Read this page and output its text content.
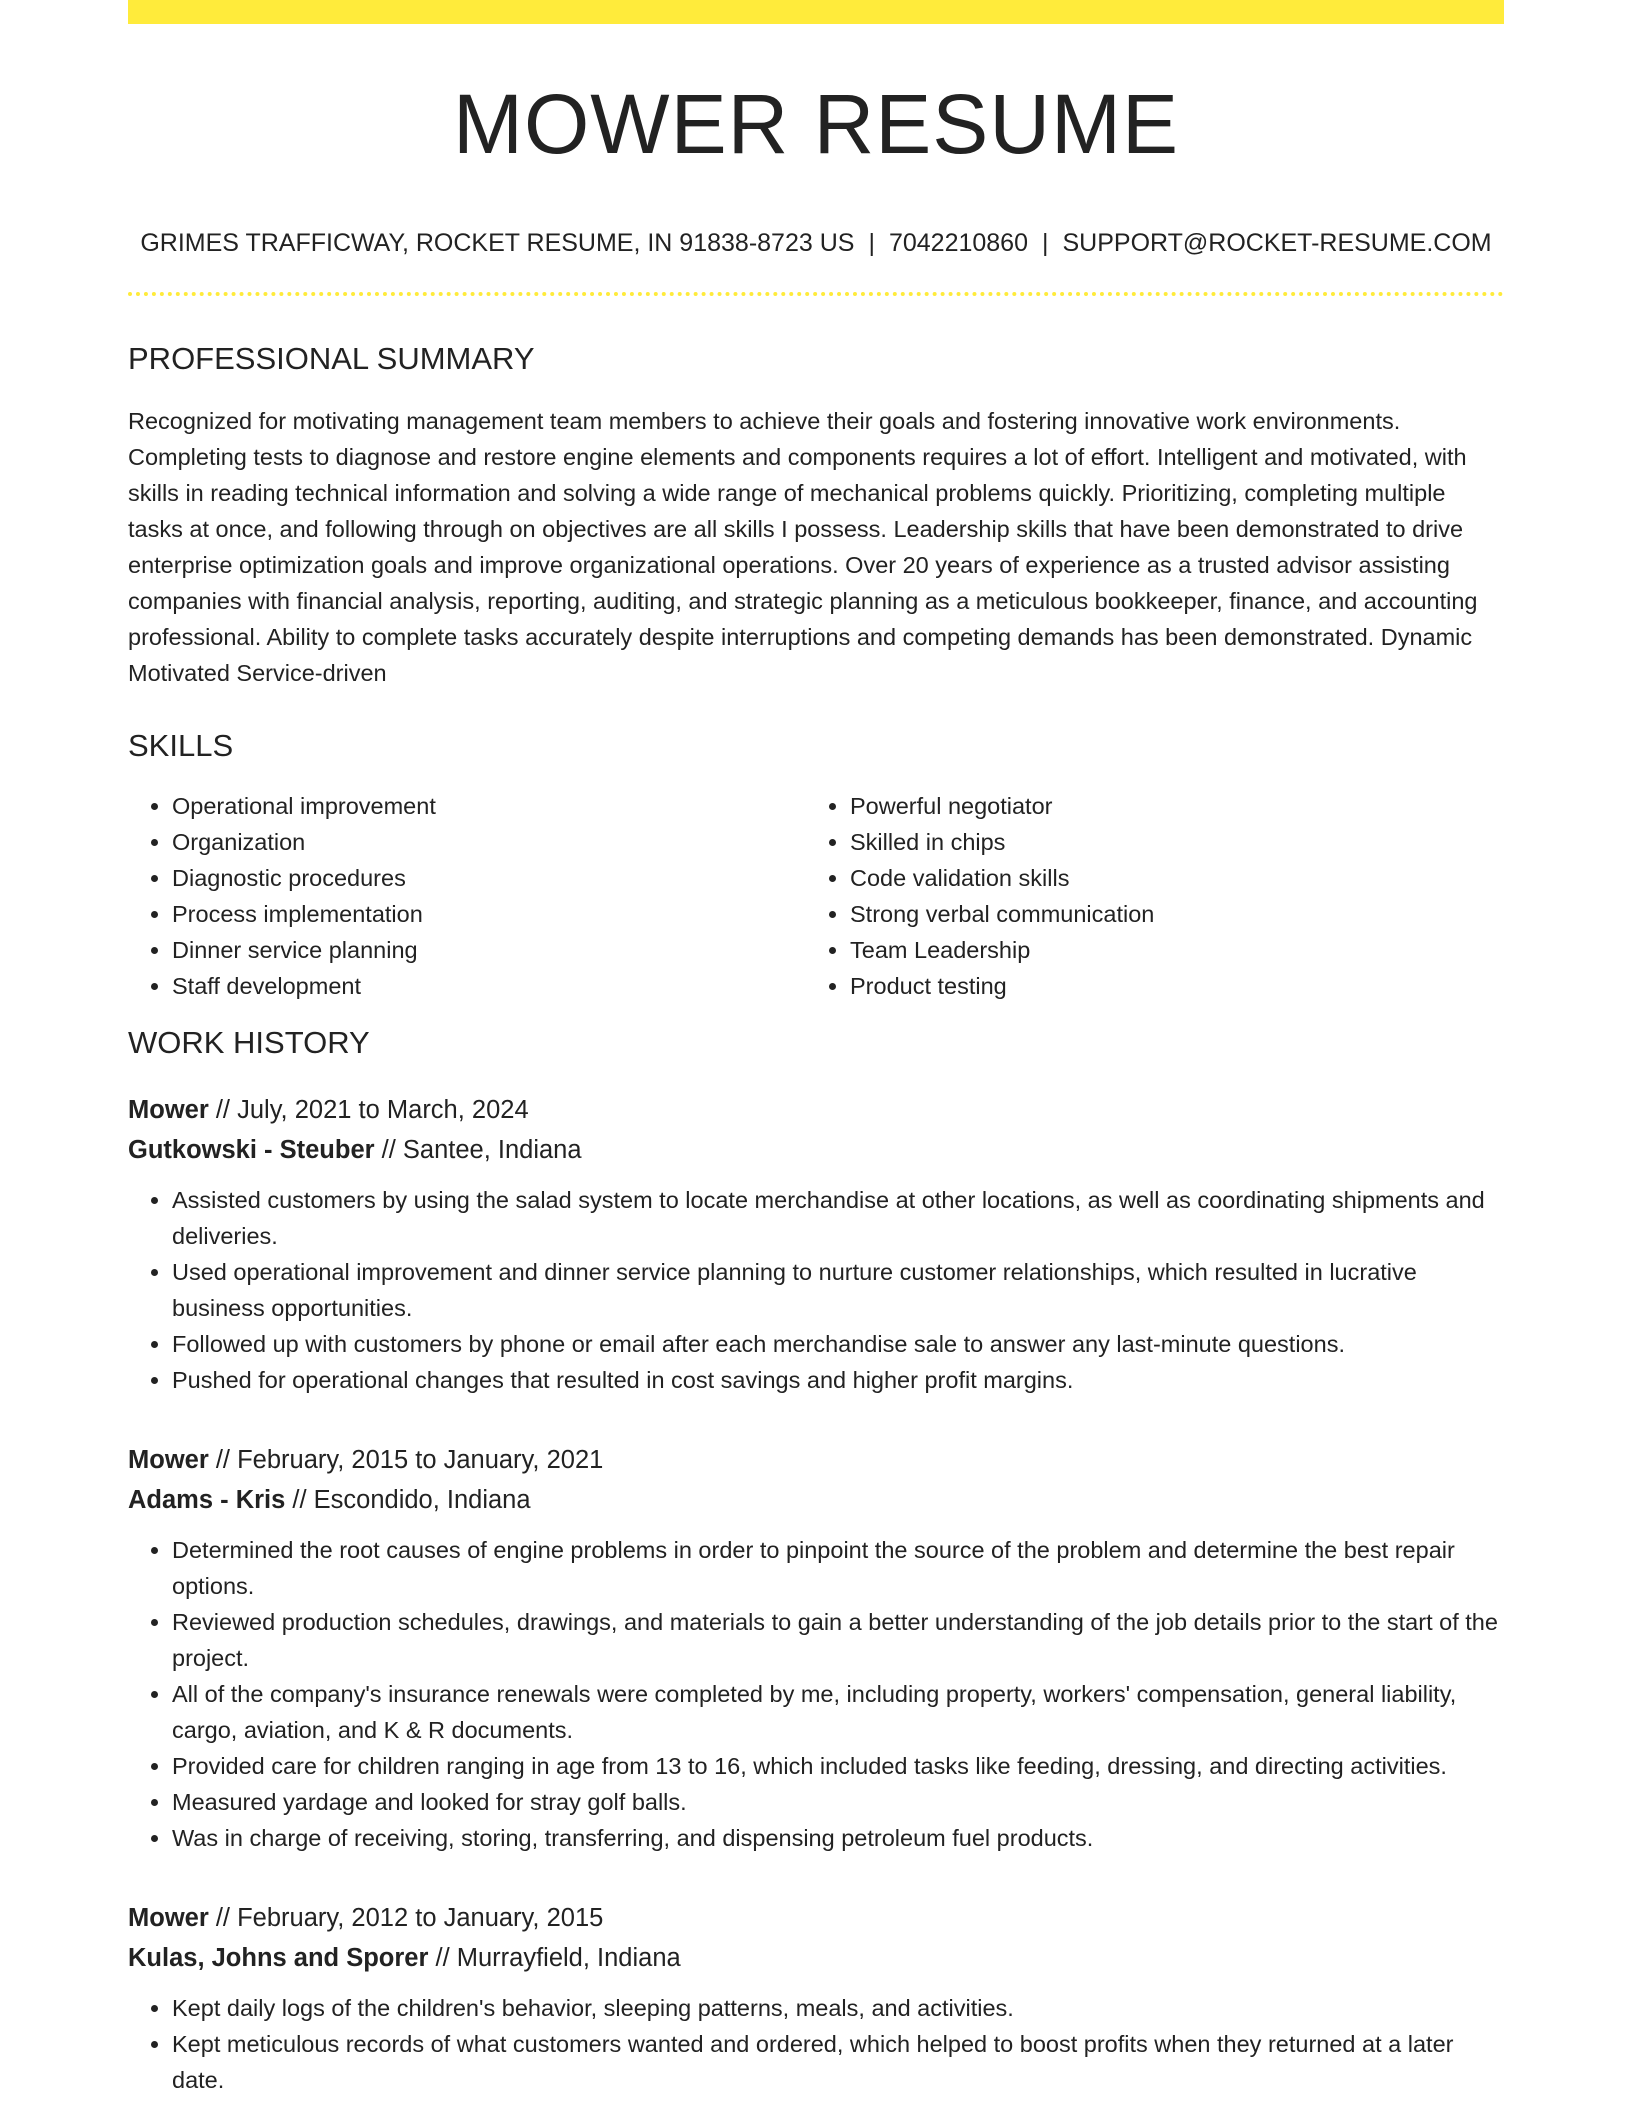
MOWER RESUME
GRIMES TRAFFICWAY, ROCKET RESUME, IN 91838-8723 US | 7042210860 | SUPPORT@ROCKET-RESUME.COM
PROFESSIONAL SUMMARY
Recognized for motivating management team members to achieve their goals and fostering innovative work environments. Completing tests to diagnose and restore engine elements and components requires a lot of effort. Intelligent and motivated, with skills in reading technical information and solving a wide range of mechanical problems quickly. Prioritizing, completing multiple tasks at once, and following through on objectives are all skills I possess. Leadership skills that have been demonstrated to drive enterprise optimization goals and improve organizational operations. Over 20 years of experience as a trusted advisor assisting companies with financial analysis, reporting, auditing, and strategic planning as a meticulous bookkeeper, finance, and accounting professional. Ability to complete tasks accurately despite interruptions and competing demands has been demonstrated. Dynamic Motivated Service-driven
SKILLS
• Operational improvement
• Organization
• Diagnostic procedures
• Process implementation
• Dinner service planning
• Staff development
• Powerful negotiator
• Skilled in chips
• Code validation skills
• Strong verbal communication
• Team Leadership
• Product testing
WORK HISTORY
Mower // July, 2021 to March, 2024
Gutkowski - Steuber // Santee, Indiana
• Assisted customers by using the salad system to locate merchandise at other locations, as well as coordinating shipments and deliveries.
• Used operational improvement and dinner service planning to nurture customer relationships, which resulted in lucrative business opportunities.
• Followed up with customers by phone or email after each merchandise sale to answer any last-minute questions.
• Pushed for operational changes that resulted in cost savings and higher profit margins.
Mower // February, 2015 to January, 2021
Adams - Kris // Escondido, Indiana
• Determined the root causes of engine problems in order to pinpoint the source of the problem and determine the best repair options.
• Reviewed production schedules, drawings, and materials to gain a better understanding of the job details prior to the start of the project.
• All of the company's insurance renewals were completed by me, including property, workers' compensation, general liability, cargo, aviation, and K & R documents.
• Provided care for children ranging in age from 13 to 16, which included tasks like feeding, dressing, and directing activities.
• Measured yardage and looked for stray golf balls.
• Was in charge of receiving, storing, transferring, and dispensing petroleum fuel products.
Mower // February, 2012 to January, 2015
Kulas, Johns and Sporer // Murrayfield, Indiana
• Kept daily logs of the children's behavior, sleeping patterns, meals, and activities.
• Kept meticulous records of what customers wanted and ordered, which helped to boost profits when they returned at a later date.
